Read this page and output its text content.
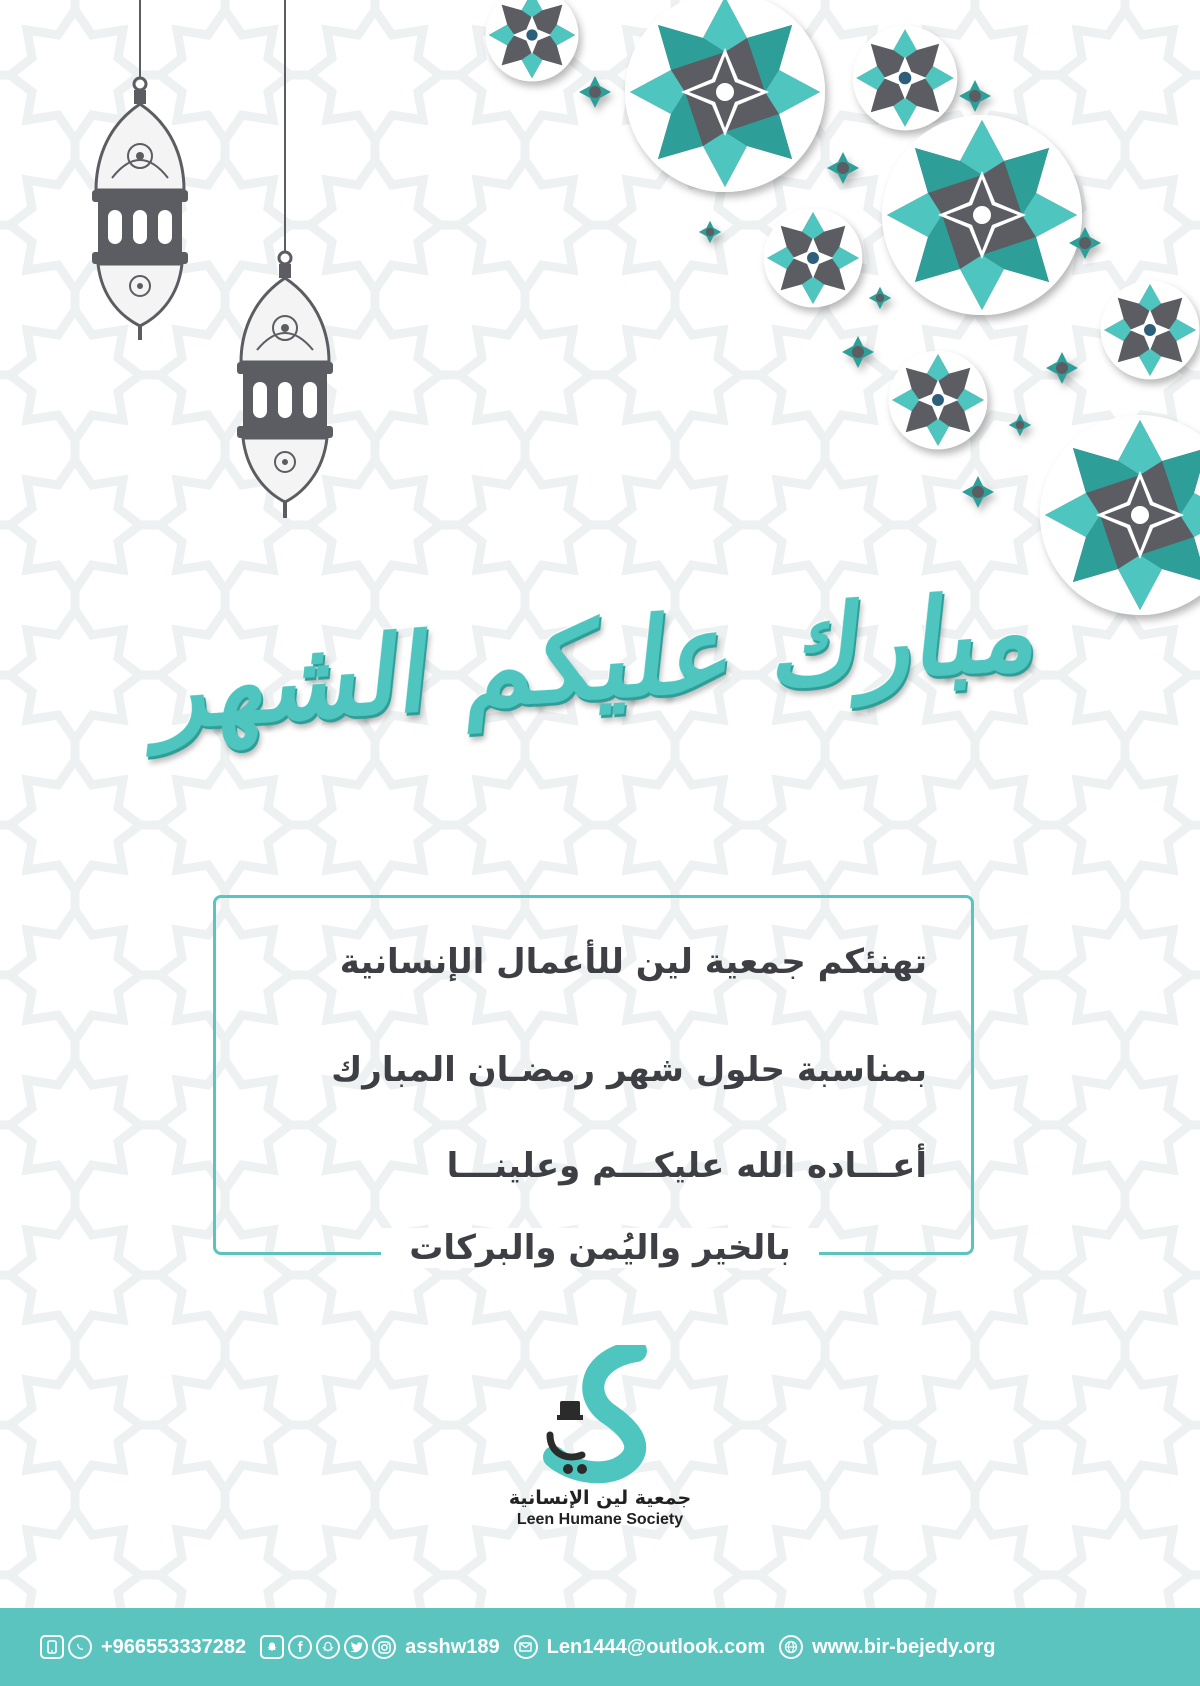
مبارك عليكم الشهر
تهنئكم جمعية لين للأعمال الإنسانية
بمناسبة حلول شهر رمضـان المبارك
أعـــاده الله عليكـــم وعلينـــا
بالخير واليُمن والبركات
جمعية لين الإنسانية
Leen Humane Society
+966553337282	f	asshw189 Len1444@outlook.com www.bir-bejedy.org
